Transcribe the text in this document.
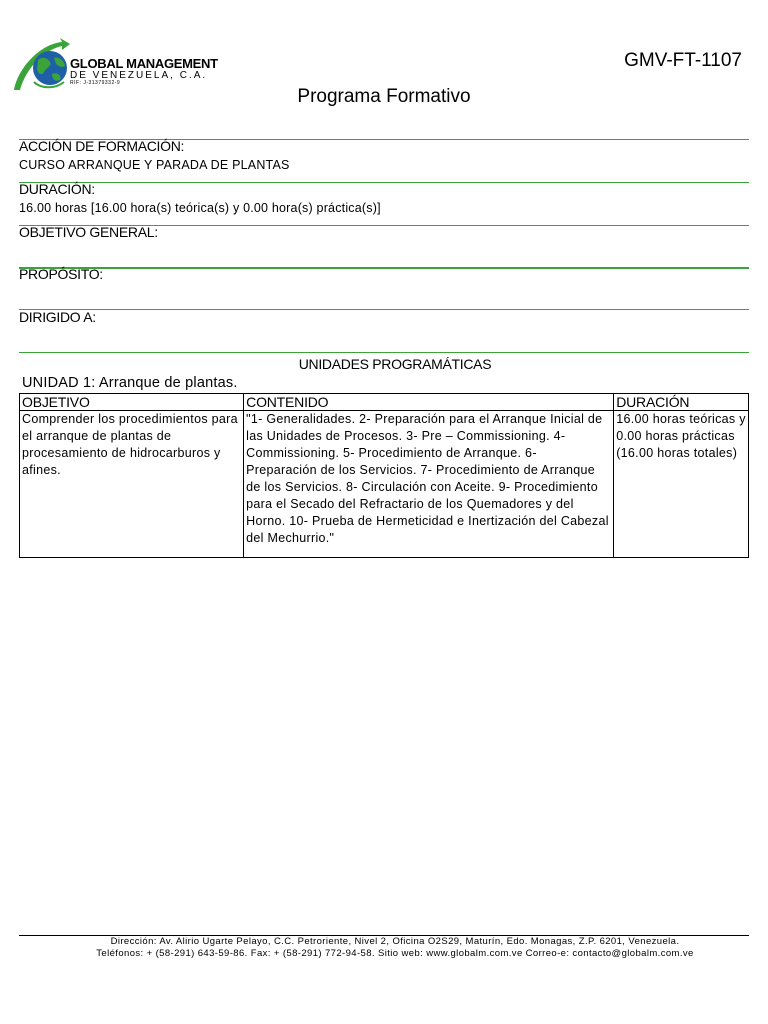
GLOBAL MANAGEMENT
DE VENEZUELA, C.A.
RIF: J-31379332-9
GMV-FT-1107
Programa Formativo
ACCIÓN DE FORMACIÓN:
CURSO ARRANQUE Y PARADA DE PLANTAS
DURACIÓN:
16.00 horas [16.00 hora(s) teórica(s) y 0.00 hora(s) práctica(s)]
OBJETIVO GENERAL:
PROPÓSITO:
DIRIGIDO A:
UNIDADES PROGRAMÁTICAS
UNIDAD 1: Arranque de plantas.
OBJETIVO	CONTENIDO	DURACIÓN
Comprender los procedimientos para el arranque de plantas de procesamiento de hidrocarburos y afines.	"1- Generalidades. 2- Preparación para el Arranque Inicial de las Unidades de Procesos. 3- Pre – Commissioning. 4- Commissioning. 5- Procedimiento de Arranque. 6- Preparación de los Servicios. 7- Procedimiento de Arranque de los Servicios. 8- Circulación con Aceite. 9- Procedimiento para el Secado del Refractario de los Quemadores y del Horno. 10- Prueba de Hermeticidad e Inertización del Cabezal del Mechurrio."	16.00 horas teóricas y 0.00 horas prácticas (16.00 horas totales)
Dirección: Av. Alirio Ugarte Pelayo, C.C. Petroriente, Nivel 2, Oficina O2S29, Maturín, Edo. Monagas, Z.P. 6201, Venezuela.
Teléfonos: + (58-291) 643-59-86. Fax: + (58-291) 772-94-58. Sitio web: www.globalm.com.ve Correo-e: contacto@globalm.com.ve
